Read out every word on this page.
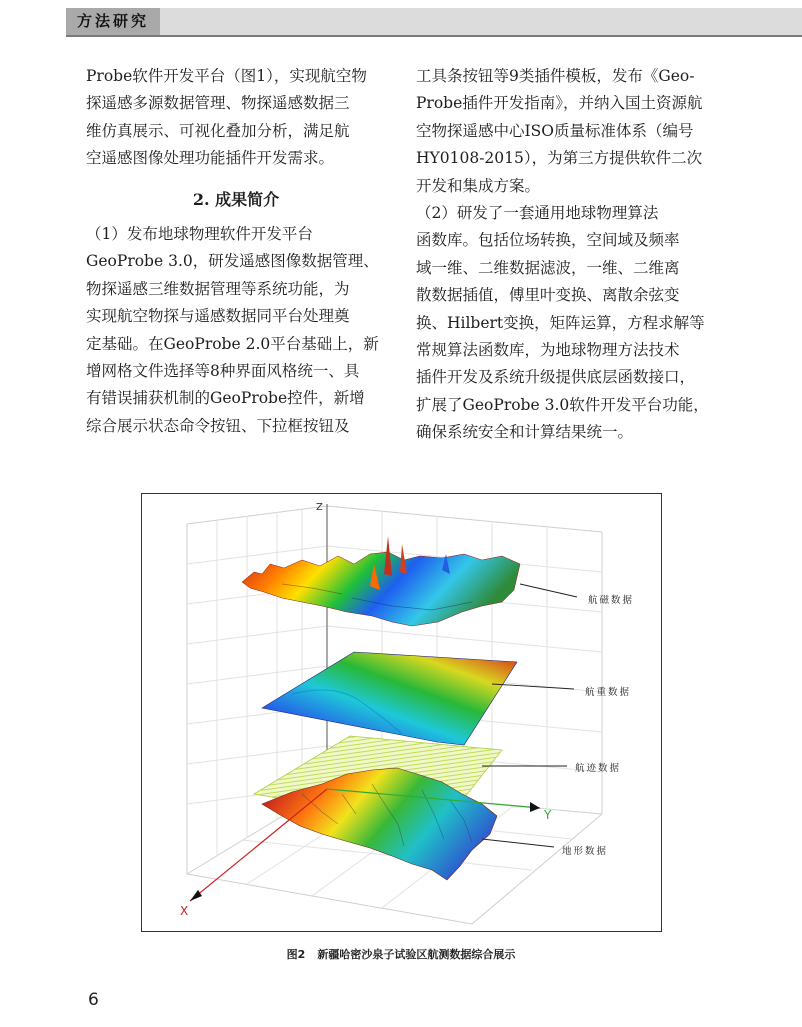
方法研究

Probe软件开发平台（图1），实现航空物
探遥感多源数据管理、物探遥感数据三
维仿真展示、可视化叠加分析，满足航
空遥感图像处理功能插件开发需求。

2. 成果简介

（1）发布地球物理软件开发平台
GeoProbe 3.0，研发遥感图像数据管理、
物探遥感三维数据管理等系统功能，为
实现航空物探与遥感数据同平台处理奠
定基础。在GeoProbe 2.0平台基础上，新
增网格文件选择等8种界面风格统一、具
有错误捕获机制的GeoProbe控件，新增
综合展示状态命令按钮、下拉框按钮及

工具条按钮等9类插件模板，发布《Geo-
Probe插件开发指南》，并纳入国土资源航
空物探遥感中心ISO质量标准体系（编号
HY0108-2015），为第三方提供软件二次
开发和集成方案。

（2）研发了一套通用地球物理算法
函数库。包括位场转换，空间域及频率
域一维、二维数据滤波，一维、二维离
散数据插值，傅里叶变换、离散余弦变
换、Hilbert变换，矩阵运算，方程求解等
常规算法函数库，为地球物理方法技术
插件开发及系统升级提供底层函数接口，
扩展了GeoProbe 3.0软件开发平台功能，
确保系统安全和计算结果统一。

Z
X
Y
航磁数据
航重数据
航迹数据
地形数据
图2 新疆哈密沙泉子试验区航测数据综合展示
6
